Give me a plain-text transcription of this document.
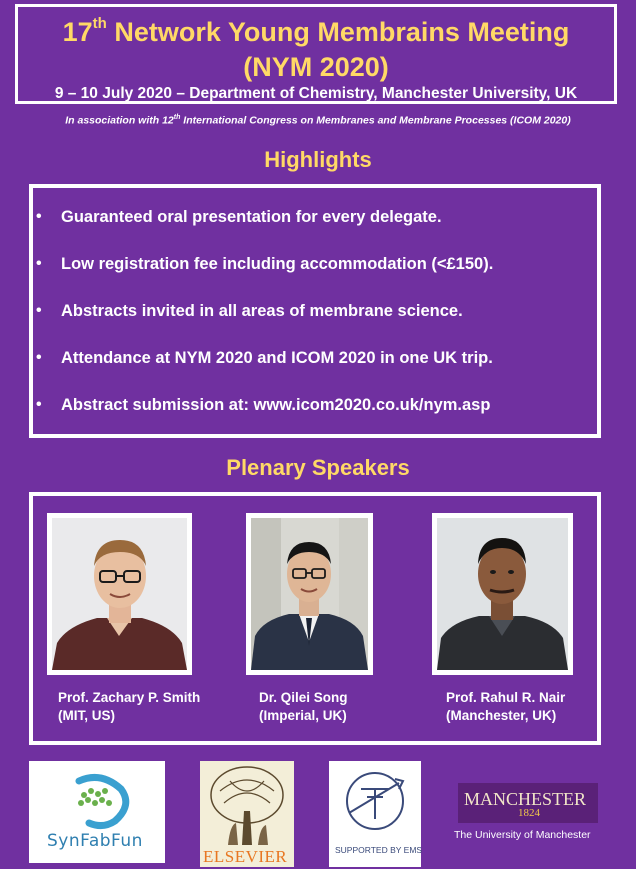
17th Network Young Membrains Meeting
(NYM 2020)
9 – 10 July 2020 – Department of Chemistry, Manchester University, UK
In association with 12th International Congress on Membranes and Membrane Processes (ICOM 2020)
Highlights
• Guaranteed oral presentation for every delegate.
• Low registration fee including accommodation (<£150).
• Abstracts invited in all areas of membrane science.
• Attendance at NYM 2020 and ICOM 2020 in one UK trip.
• Abstract submission at: www.icom2020.co.uk/nym.asp
Plenary Speakers
Prof. Zachary P. Smith
(MIT, US)
Dr. Qilei Song
(Imperial, UK)
Prof. Rahul R. Nair
(Manchester, UK)
SynFabFun
ELSEVIER	SUPPORTED BY EMS
MANCHESTER
1824
The University of Manchester
